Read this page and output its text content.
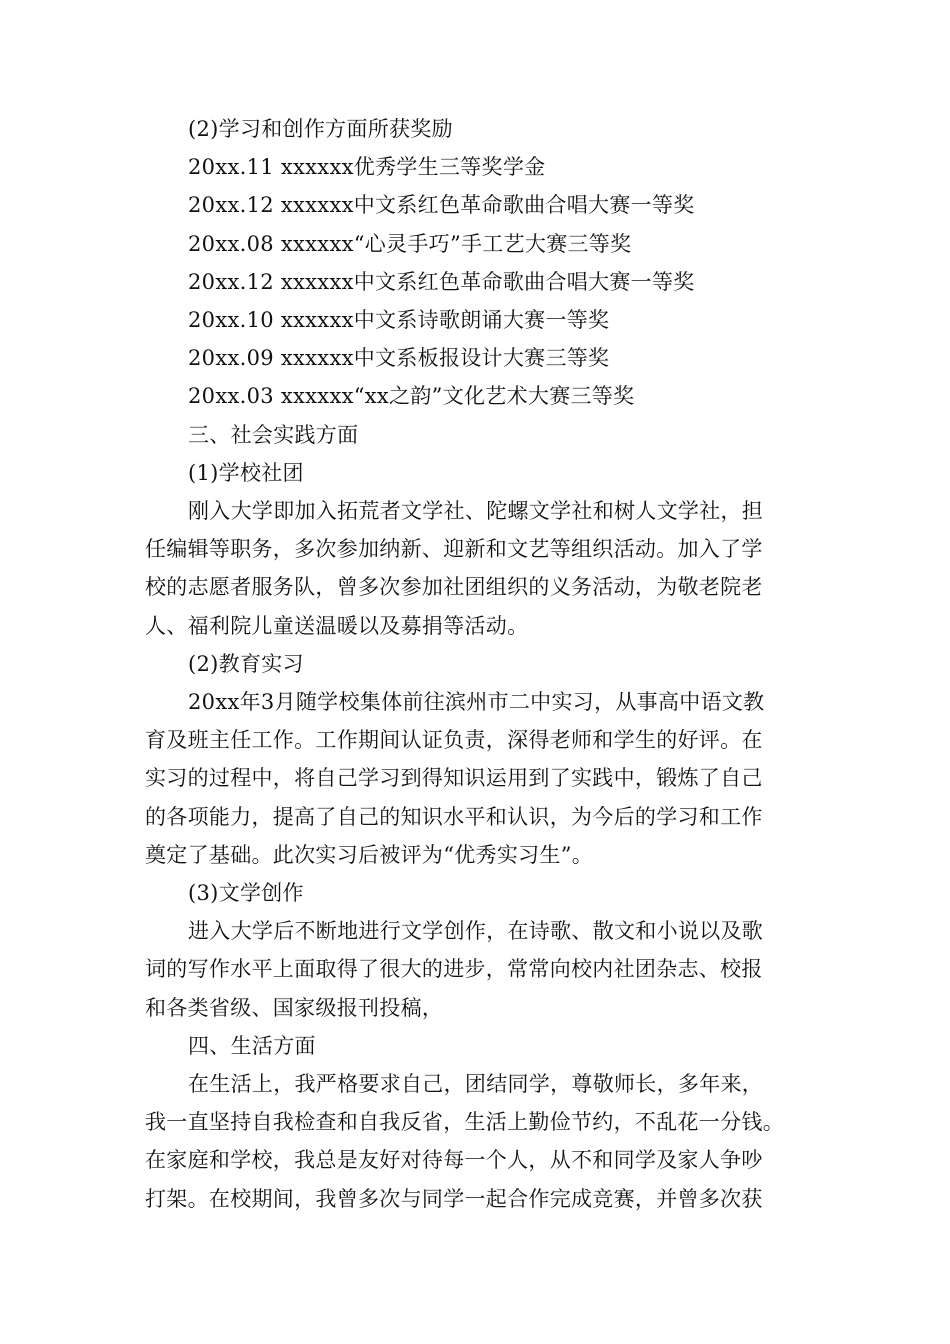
(2)学习和创作方面所获奖励
20xx.11 xxxxxx优秀学生三等奖学金
20xx.12 xxxxxx中文系红色革命歌曲合唱大赛一等奖
20xx.08 xxxxxx“心灵手巧”手工艺大赛三等奖
20xx.12 xxxxxx中文系红色革命歌曲合唱大赛一等奖
20xx.10 xxxxxx中文系诗歌朗诵大赛一等奖
20xx.09 xxxxxx中文系板报设计大赛三等奖
20xx.03 xxxxxx“xx之韵”文化艺术大赛三等奖
三、社会实践方面
(1)学校社团
刚入大学即加入拓荒者文学社、陀螺文学社和树人文学社，担
任编辑等职务，多次参加纳新、迎新和文艺等组织活动。加入了学
校的志愿者服务队，曾多次参加社团组织的义务活动，为敬老院老
人、福利院儿童送温暖以及募捐等活动。
(2)教育实习
20xx年3月随学校集体前往滨州市二中实习，从事高中语文教
育及班主任工作。工作期间认证负责，深得老师和学生的好评。在
实习的过程中，将自己学习到得知识运用到了实践中，锻炼了自己
的各项能力，提高了自己的知识水平和认识，为今后的学习和工作
奠定了基础。此次实习后被评为“优秀实习生”。
(3)文学创作
进入大学后不断地进行文学创作，在诗歌、散文和小说以及歌
词的写作水平上面取得了很大的进步，常常向校内社团杂志、校报
和各类省级、国家级报刊投稿，
四、生活方面
在生活上，我严格要求自己，团结同学，尊敬师长，多年来，
我一直坚持自我检查和自我反省，生活上勤俭节约，不乱花一分钱。
在家庭和学校，我总是友好对待每一个人，从不和同学及家人争吵
打架。在校期间，我曾多次与同学一起合作完成竞赛，并曾多次获
